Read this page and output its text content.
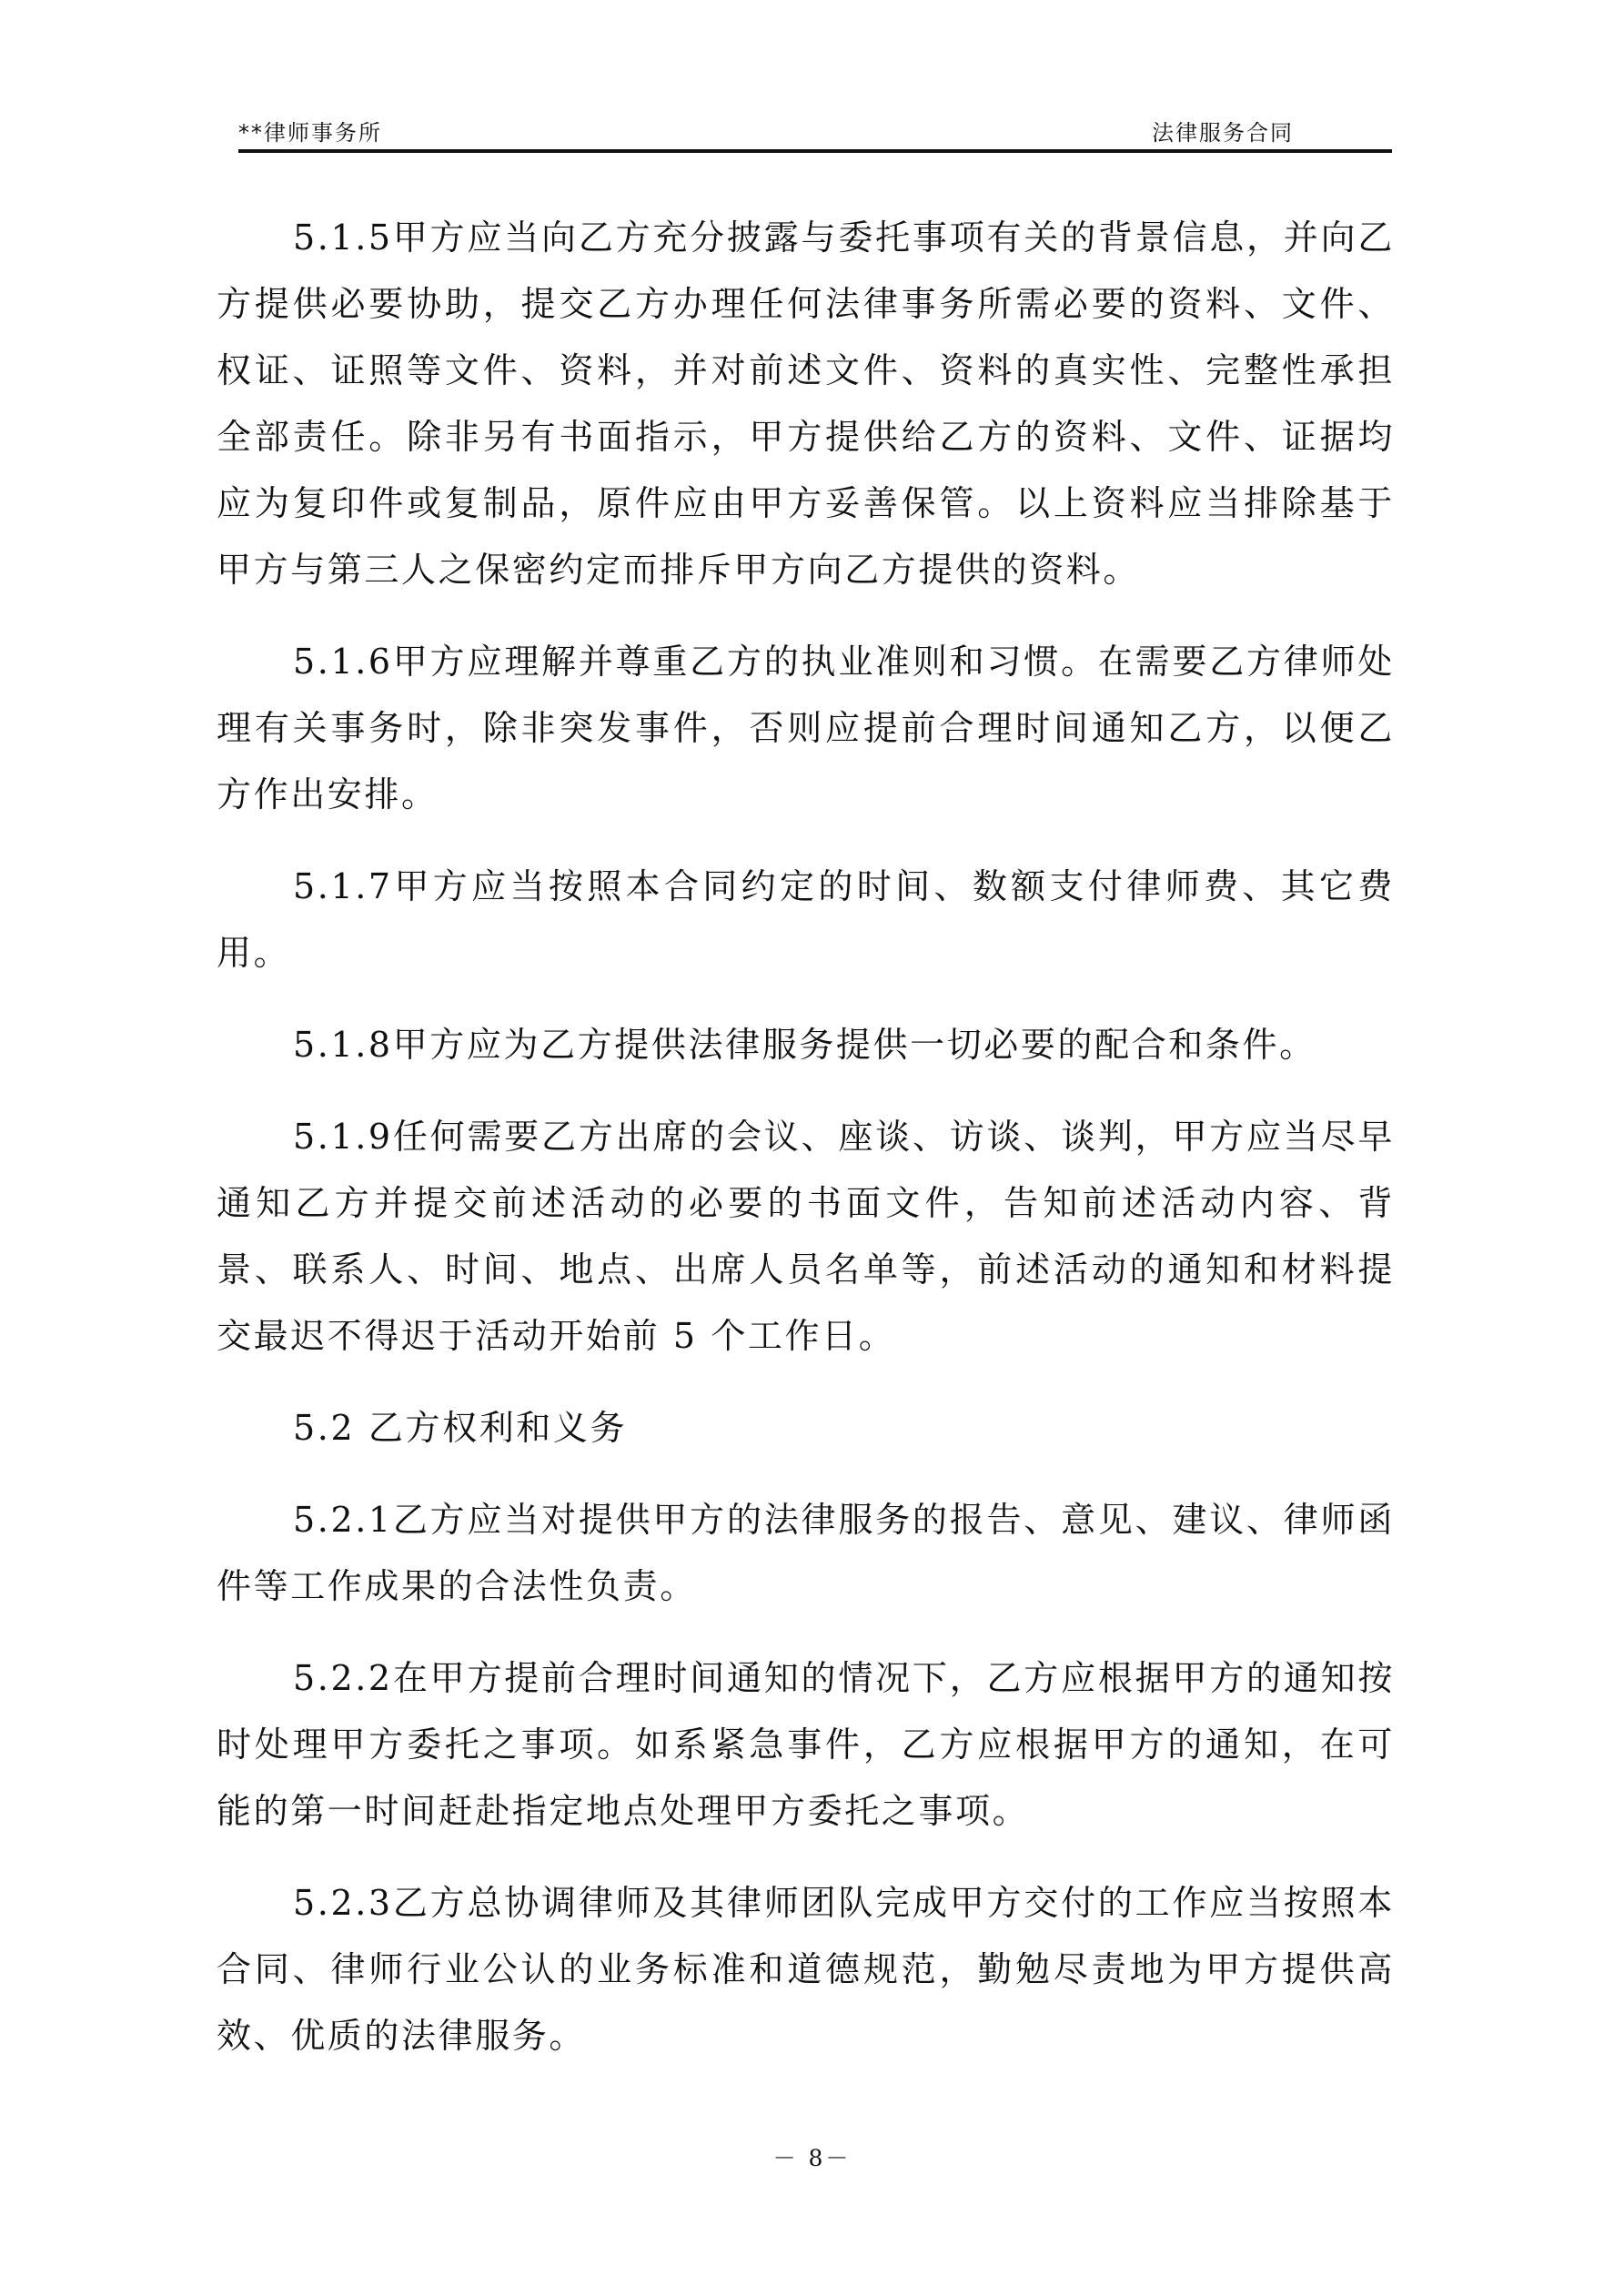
**律师事务所	法律服务合同

5.1.5甲方应当向乙方充分披露与委托事项有关的背景信息，并向乙方提供必要协助，提交乙方办理任何法律事务所需必要的资料、文件、权证、证照等文件、资料，并对前述文件、资料的真实性、完整性承担全部责任。除非另有书面指示，甲方提供给乙方的资料、文件、证据均应为复印件或复制品，原件应由甲方妥善保管。以上资料应当排除基于甲方与第三人之保密约定而排斥甲方向乙方提供的资料。

5.1.6甲方应理解并尊重乙方的执业准则和习惯。在需要乙方律师处理有关事务时，除非突发事件，否则应提前合理时间通知乙方，以便乙方作出安排。

5.1.7甲方应当按照本合同约定的时间、数额支付律师费、其它费用。

5.1.8甲方应为乙方提供法律服务提供一切必要的配合和条件。

5.1.9任何需要乙方出席的会议、座谈、访谈、谈判，甲方应当尽早通知乙方并提交前述活动的必要的书面文件，告知前述活动内容、背景、联系人、时间、地点、出席人员名单等，前述活动的通知和材料提交最迟不得迟于活动开始前 5 个工作日。

5.2 乙方权利和义务

5.2.1乙方应当对提供甲方的法律服务的报告、意见、建议、律师函件等工作成果的合法性负责。

5.2.2在甲方提前合理时间通知的情况下，乙方应根据甲方的通知按时处理甲方委托之事项。如系紧急事件，乙方应根据甲方的通知，在可能的第一时间赶赴指定地点处理甲方委托之事项。

5.2.3乙方总协调律师及其律师团队完成甲方交付的工作应当按照本合同、律师行业公认的业务标准和道德规范，勤勉尽责地为甲方提供高效、优质的法律服务。

－ 8－
